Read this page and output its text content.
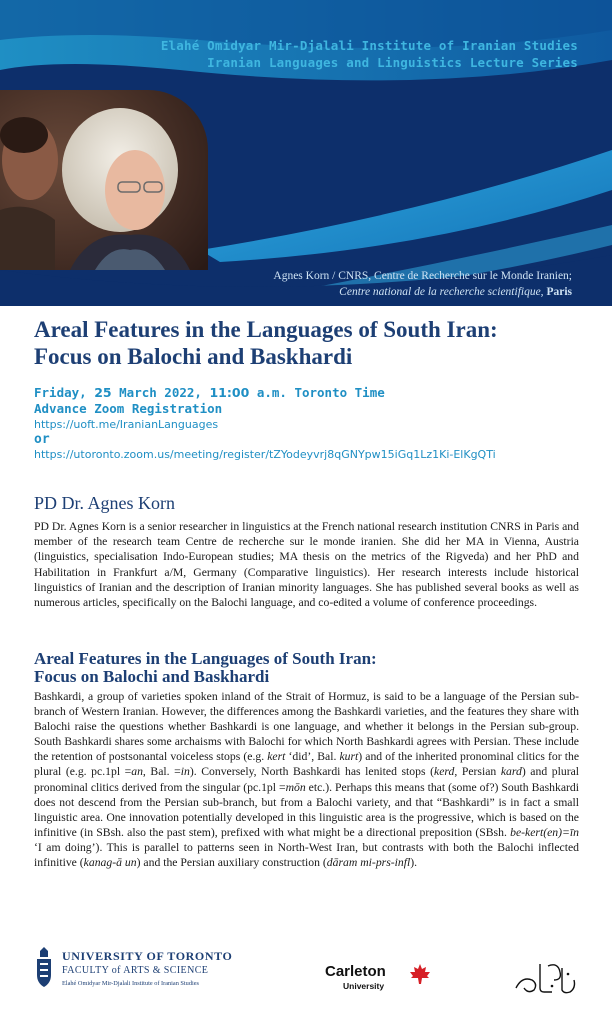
Elahé Omidyar Mir-Djalali Institute of Iranian Studies
Iranian Languages and Linguistics Lecture Series
Agnes Korn / CNRS, Centre de Recherche sur le Monde Iranien;
Centre national de la recherche scientifique, Paris
Areal Features in the Languages of South Iran:
Focus on Balochi and Baskhardi
Friday, 25 March 2022, 11:00 a.m. Toronto Time
Advance Zoom Registration
https://uoft.me/IranianLanguages
or
https://utoronto.zoom.us/meeting/register/tZYodeyvrj8qGNYpw15iGq1Lz1Ki-ElKgQTi
PD Dr. Agnes Korn

PD Dr. Agnes Korn is a senior researcher in linguistics at the French national research institution CNRS in Paris and member of the research team Centre de recherche sur le monde iranien. She did her MA in Vienna, Austria (linguistics, specialisation Indo-European studies; MA thesis on the metrics of the Rigveda) and her PhD and Habilitation in Frankfurt a/M, Germany (Comparative linguistics). Her research interests include historical linguistics of Iranian and the description of Iranian minority languages. She has published several books as well as numerous articles, specifically on the Balochi language, and co-edited a volume of conference proceedings.

Areal Features in the Languages of South Iran:
Focus on Balochi and Baskhardi

Bashkardi, a group of varieties spoken inland of the Strait of Hormuz, is said to be a language of the Persian sub-branch of Western Iranian. However, the differences among the Bashkardi varieties, and the features they share with Balochi raise the questions whether Bashkardi is one language, and whether it belongs in the Persian sub-group. South Bashkardi shares some archaisms with Balochi for which North Bashkardi agrees with Persian. These include the retention of postsonantal voiceless stops (e.g. kert ‘did’, Bal. kurt) and of the inherited pronominal clitics for the plural (e.g. pc.1pl =an, Bal. =in). Conversely, North Bashkardi has lenited stops (kerd, Persian kard) and plural pronominal clitics derived from the singular (pc.1pl =mōn etc.). Perhaps this means that (some of?) South Bashkardi does not descend from the Persian sub-branch, but from a Balochi variety, and that “Bashkardi” is in fact a small linguistic area. One innovation potentially developed in this linguistic area is the progressive, which is based on the infinitive (in SBsh. also the past stem), prefixed with what might be a directional preposition (SBsh. be-kert(en)=īn ‘I am doing’). This is parallel to patterns seen in North-West Iran, but contrasts with both the Balochi inflected infinitive (kanag-ā un) and the Persian auxiliary construction (dāram mi-prs-infl).

UNIVERSITY OF TORONTO
FACULTY of ARTS & SCIENCE
Elahé Omidyar Mir-Djalali Institute of Iranian Studies
Carleton
University
